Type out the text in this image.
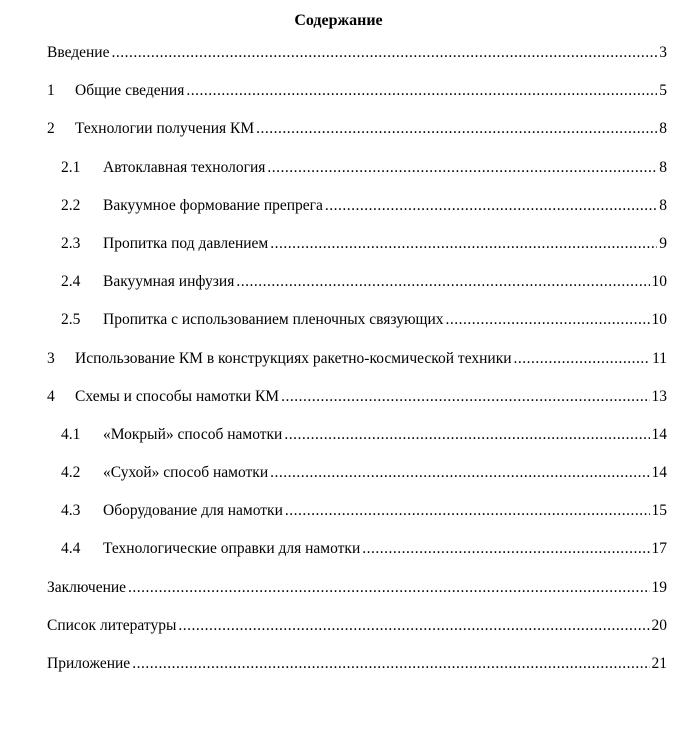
Содержание
Введение .....	3
1	Общие сведения .....	5
2	Технологии получения КМ .....	8
2.1	Автоклавная технология .....	8
2.2	Вакуумное формование препрега .....	8
2.3	Пропитка под давлением .....	9
2.4	Вакуумная инфузия .....	10
2.5	Пропитка с использованием пленочных связующих .....	10
3	Использование КМ в конструкциях ракетно-космической техники .....	11
4	Схемы и способы намотки КМ .....	13
4.1	«Мокрый» способ намотки .....	14
4.2	«Сухой» способ намотки .....	14
4.3	Оборудование для намотки .....	15
4.4	Технологические оправки для намотки .....	17
Заключение .....	19
Список литературы .....	20
Приложение .....	21
